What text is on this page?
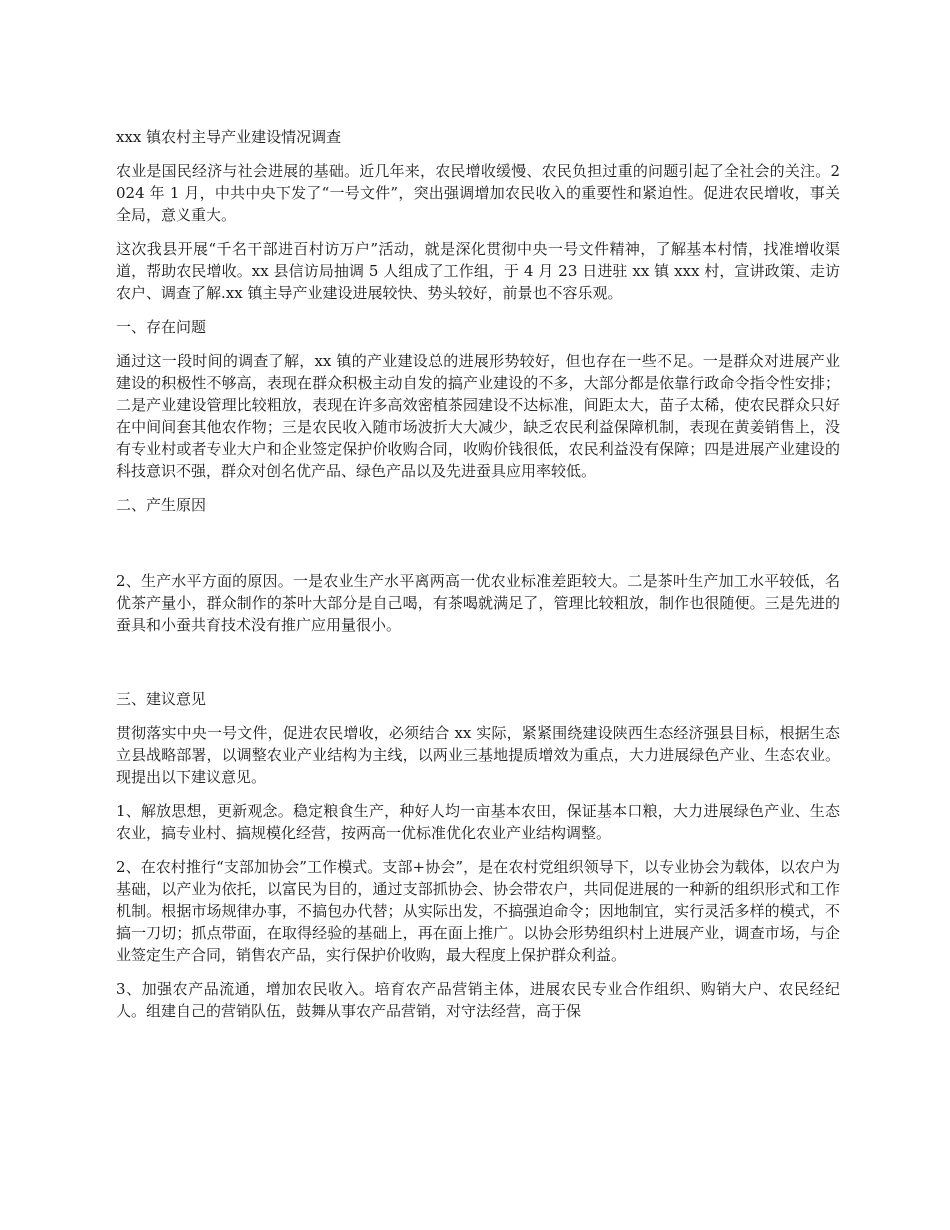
xxx 镇农村主导产业建设情况调查

农业是国民经济与社会进展的基础。近几年来，农民增收缓慢、农民负担过重的问题引起了全社会的关注。2024 年 1 月，中共中央下发了“一号文件”，突出强调增加农民收入的重要性和紧迫性。促进农民增收，事关全局，意义重大。

这次我县开展“千名干部进百村访万户”活动，就是深化贯彻中央一号文件精神，了解基本村情，找准增收渠道，帮助农民增收。xx 县信访局抽调 5 人组成了工作组，于 4 月 23 日进驻 xx 镇 xxx 村，宣讲政策、走访农户、调查了解.xx 镇主导产业建设进展较快、势头较好，前景也不容乐观。

一、存在问题

通过这一段时间的调查了解，xx 镇的产业建设总的进展形势较好，但也存在一些不足。一是群众对进展产业建设的积极性不够高，表现在群众积极主动自发的搞产业建设的不多，大部分都是依靠行政命令指令性安排；二是产业建设管理比较粗放，表现在许多高效密植茶园建设不达标准，间距太大，苗子太稀，使农民群众只好在中间间套其他农作物；三是农民收入随市场波折大大减少，缺乏农民利益保障机制，表现在黄姜销售上，没有专业村或者专业大户和企业签定保护价收购合同，收购价钱很低，农民利益没有保障；四是进展产业建设的科技意识不强，群众对创名优产品、绿色产品以及先进蚕具应用率较低。

二、产生原因

2、生产水平方面的原因。一是农业生产水平离两高一优农业标准差距较大。二是茶叶生产加工水平较低，名优茶产量小，群众制作的茶叶大部分是自己喝，有茶喝就满足了，管理比较粗放，制作也很随便。三是先进的蚕具和小蚕共育技术没有推广应用量很小。

三、建议意见

贯彻落实中央一号文件，促进农民增收，必须结合 xx 实际，紧紧围绕建设陕西生态经济强县目标，根据生态立县战略部署，以调整农业产业结构为主线，以两业三基地提质增效为重点，大力进展绿色产业、生态农业。现提出以下建议意见。

1、解放思想，更新观念。稳定粮食生产，种好人均一亩基本农田，保证基本口粮，大力进展绿色产业、生态农业，搞专业村、搞规模化经营，按两高一优标准优化农业产业结构调整。

2、在农村推行“支部加协会”工作模式。支部+协会”，是在农村党组织领导下，以专业协会为载体，以农户为基础，以产业为依托，以富民为目的，通过支部抓协会、协会带农户，共同促进展的一种新的组织形式和工作机制。根据市场规律办事，不搞包办代替；从实际出发，不搞强迫命令；因地制宜，实行灵活多样的模式，不搞一刀切；抓点带面，在取得经验的基础上，再在面上推广。以协会形势组织村上进展产业，调查市场，与企业签定生产合同，销售农产品，实行保护价收购，最大程度上保护群众利益。

3、加强农产品流通，增加农民收入。培育农产品营销主体，进展农民专业合作组织、购销大户、农民经纪人。组建自己的营销队伍，鼓舞从事农产品营销，对守法经营，高于保
